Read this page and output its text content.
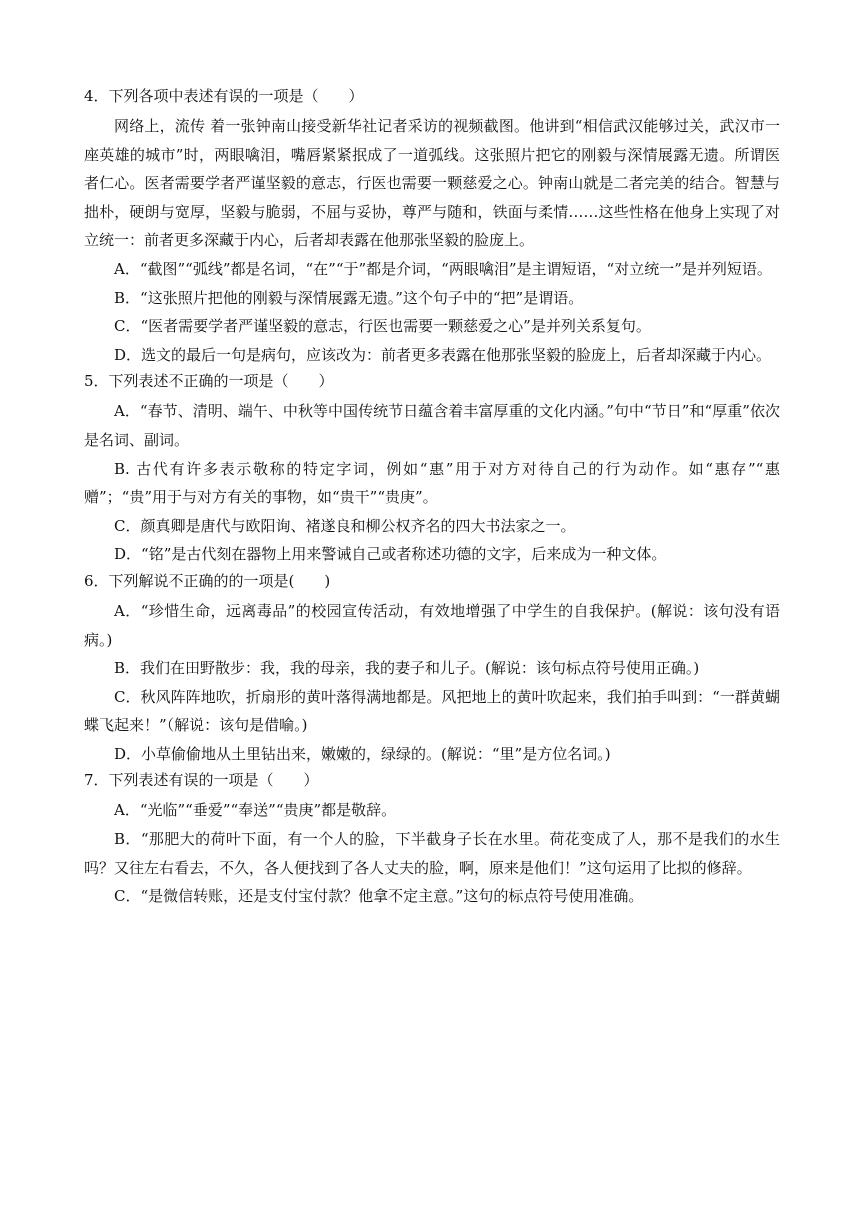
4．下列各项中表述有误的一项是（　　）

网络上，流传 着一张钟南山接受新华社记者采访的视频截图。他讲到“相信武汉能够过关，武汉市一座英雄的城市”时，两眼噙泪，嘴唇紧紧抿成了一道弧线。这张照片把它的刚毅与深情展露无遗。所谓医者仁心。医者需要学者严谨坚毅的意志，行医也需要一颗慈爱之心。钟南山就是二者完美的结合。智慧与拙朴，硬朗与宽厚，坚毅与脆弱，不屈与妥协，尊严与随和，铁面与柔情……这些性格在他身上实现了对立统一：前者更多深藏于内心，后者却表露在他那张坚毅的脸庞上。

A．“截图”“弧线”都是名词，“在”“于”都是介词，“两眼噙泪”是主谓短语，“对立统一”是并列短语。

B．“这张照片把他的刚毅与深情展露无遗。”这个句子中的“把”是谓语。

C．“医者需要学者严谨坚毅的意志，行医也需要一颗慈爱之心”是并列关系复句。

D．选文的最后一句是病句，应该改为：前者更多表露在他那张坚毅的脸庞上，后者却深藏于内心。

5．下列表述不正确的一项是（　　）

A．“春节、清明、端午、中秋等中国传统节日蕴含着丰富厚重的文化内涵。”句中“节日”和“厚重”依次是名词、副词。

B. 古代有许多表示敬称的特定字词，例如“惠”用于对方对待自己的行为动作。如“惠存”“惠赠”；“贵”用于与对方有关的事物，如“贵干”“贵庚”。

C．颜真卿是唐代与欧阳询、褚遂良和柳公权齐名的四大书法家之一。

D．“铭”是古代刻在器物上用来警诫自己或者称述功德的文字，后来成为一种文体。

6．下列解说不正确的的一项是(　　)

A．“珍惜生命，远离毒品”的校园宣传活动，有效地增强了中学生的自我保护。(解说：该句没有语病。)

B．我们在田野散步：我，我的母亲，我的妻子和儿子。(解说：该句标点符号使用正确。)

C．秋风阵阵地吹，折扇形的黄叶落得满地都是。风把地上的黄叶吹起来，我们拍手叫到：“一群黄蝴蝶飞起来！”（解说：该句是借喻。)

D．小草偷偷地从土里钻出来，嫩嫩的，绿绿的。(解说：“里”是方位名词。)

7．下列表述有误的一项是（　　）

A．“光临”“垂爱”“奉送”“贵庚”都是敬辞。

B．“那肥大的荷叶下面，有一个人的脸，下半截身子长在水里。荷花变成了人，那不是我们的水生吗？又往左右看去，不久，各人便找到了各人丈夫的脸，啊，原来是他们！”这句运用了比拟的修辞。

C．“是微信转账，还是支付宝付款？他拿不定主意。”这句的标点符号使用准确。
